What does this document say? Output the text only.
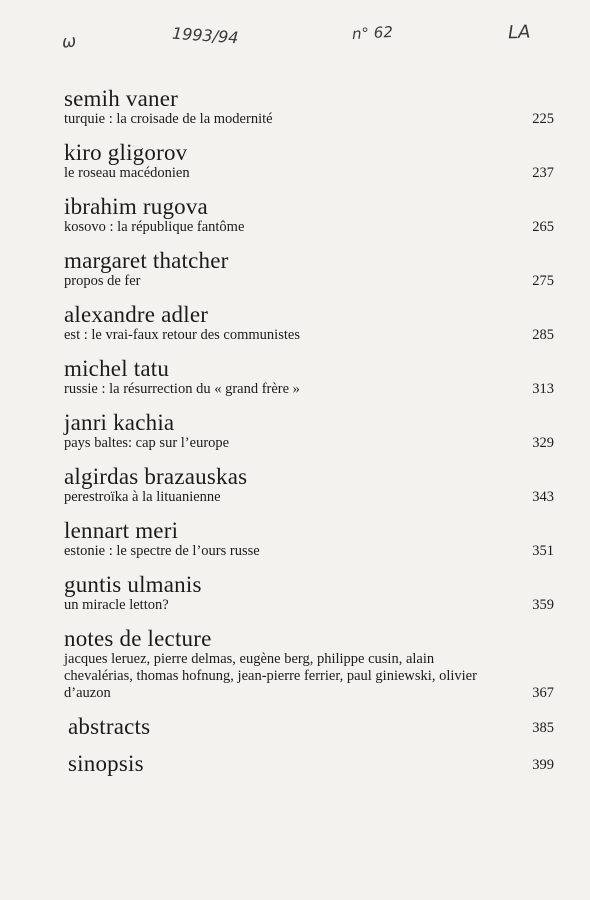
ω	1993/94	n° 62	LA
semih vaner
turquie : la croisade de la modernité	225
kiro gligorov
le roseau macédonien	237
ibrahim rugova
kosovo : la république fantôme	265
margaret thatcher
propos de fer	275
alexandre adler
est : le vrai-faux retour des communistes	285
michel tatu
russie : la résurrection du « grand frère »	313
janri kachia
pays baltes: cap sur l’europe	329
algirdas brazauskas
perestroïka à la lituanienne	343
lennart meri
estonie : le spectre de l’ours russe	351
guntis ulmanis
un miracle letton?	359
notes de lecture
jacques leruez, pierre delmas, eugène berg, philippe cusin, alain chevalérias, thomas hofnung, jean-pierre ferrier, paul giniewski, olivier d’auzon	367
abstracts	385
sinopsis	399
